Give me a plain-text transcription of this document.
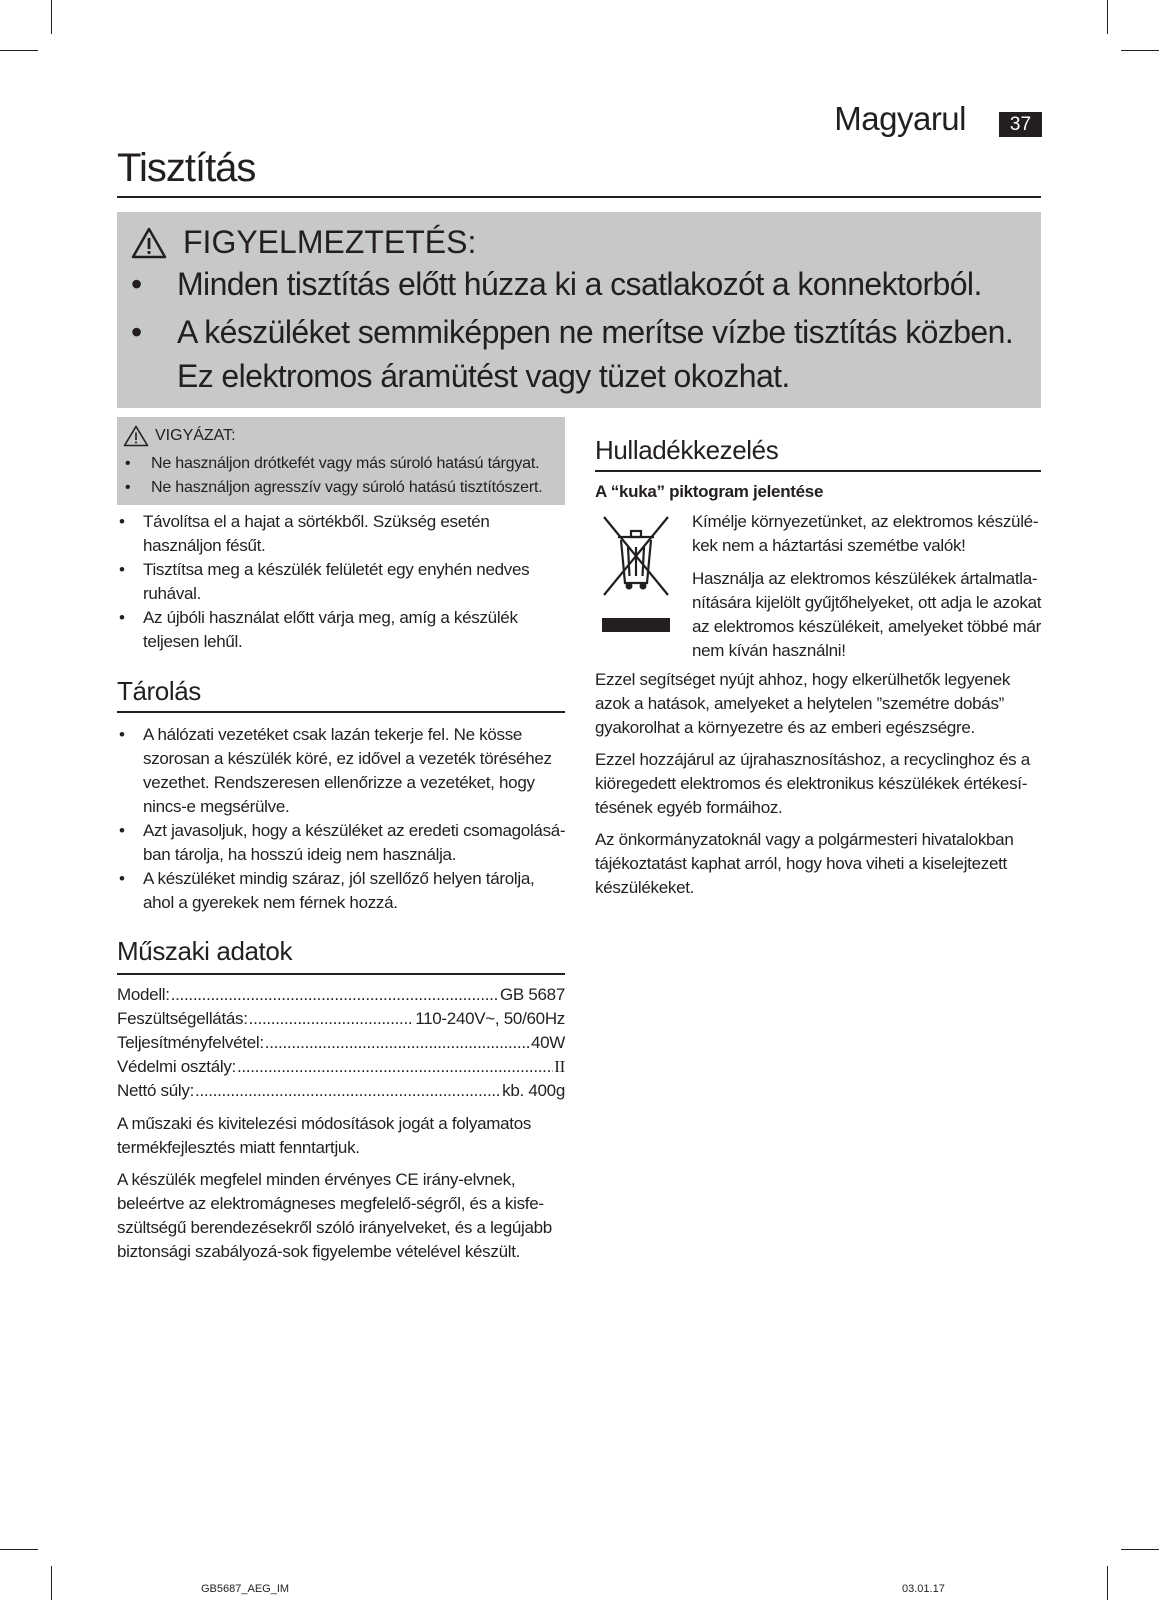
Magyarul	37
Tisztítás
FIGYELMEZTETÉS:
• Minden tisztítás előtt húzza ki a csatlakozót a konnektorból.
• A készüléket semmiképpen ne merítse vízbe tisztítás közben.
Ez elektromos áramütést vagy tüzet okozhat.
VIGYÁZAT:
• Ne használjon drótkefét vagy más súroló hatású tárgyat.
• Ne használjon agresszív vagy súroló hatású tisztítószert.
• Távolítsa el a hajat a sörtékből. Szükség esetén használjon fésűt.
• Tisztítsa meg a készülék felületét egy enyhén nedves ruhával.
• Az újbóli használat előtt várja meg, amíg a készülék teljesen lehűl.
Tárolás
• A hálózati vezetéket csak lazán tekerje fel. Ne kösse szorosan a készülék köré, ez idővel a vezeték töréséhez vezethet. Rendszeresen ellenőrizze a vezetéket, hogy nincs-e megsérülve.
• Azt javasoljuk, hogy a készüléket az eredeti csomagolásá-ban tárolja, ha hosszú ideig nem használja.
• A készüléket mindig száraz, jól szellőző helyen tárolja, ahol a gyerekek nem férnek hozzá.
Műszaki adatok
Modell: .....	GB 5687
Feszültségellátás: .....	110-240V~, 50/60Hz
Teljesítményfelvétel: .....	40W
Védelmi osztály: .....	II
Nettó súly: .....	kb. 400g

A műszaki és kivitelezési módosítások jogát a folyamatos termékfejlesztés miatt fenntartjuk.

A készülék megfelel minden érvényes CE irány-elvnek, beleértve az elektromágneses megfelelő-ségről, és a kisfe-szültségű berendezésekről szóló irányelveket, és a legújabb biztonsági szabályozá-sok figyelembe vételével készült.

Hulladékkezelés
A “kuka” piktogram jelentése

Kímélje környezetünket, az elektromos készülé-kek nem a háztartási szemétbe valók!

Használja az elektromos készülékek ártalmatla-nítására kijelölt gyűjtőhelyeket, ott adja le azokat az elektromos készülékeit, amelyeket többé már nem kíván használni!

Ezzel segítséget nyújt ahhoz, hogy elkerülhetők legyenek azok a hatások, amelyeket a helytelen ”szemétre dobás” gyakorolhat a környezetre és az emberi egészségre.

Ezzel hozzájárul az újrahasznosításhoz, a recyclinghoz és a kiöregedett elektromos és elektronikus készülékek értékesí-tésének egyéb formáihoz.

Az önkormányzatoknál vagy a polgármesteri hivatalokban tájékoztatást kaphat arról, hogy hova viheti a kiselejtezett készülékeket.

GB5687_AEG_IM	03.01.17
